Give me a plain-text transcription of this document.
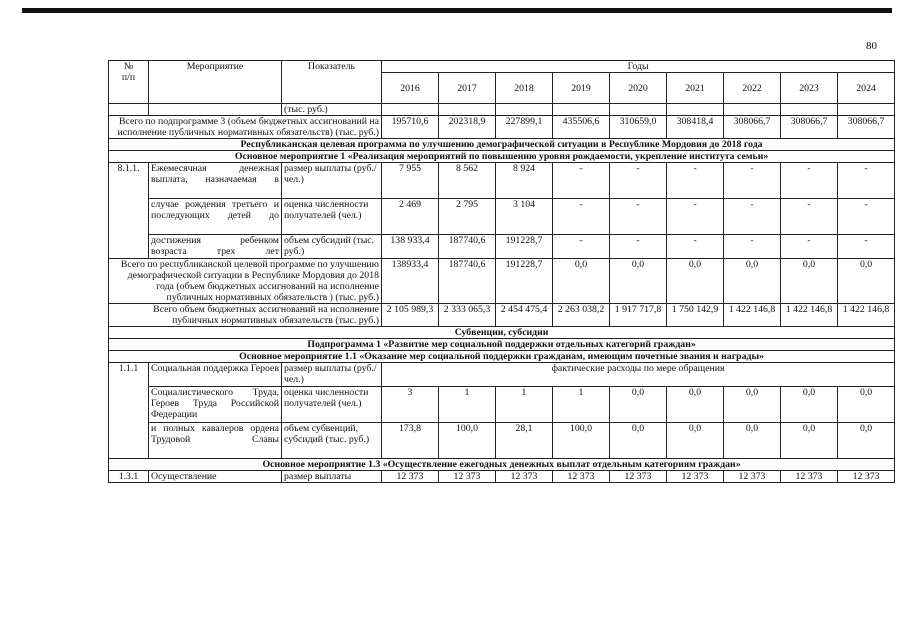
80
№
п/п	Мероприятие	Показатель	Годы								
			2016	2017	2018	2019	2020	2021	2022	2023	2024
		(тыс. руб.)									
Всего по подпрограмме 3 (объем бюджетных ассигнований на исполнение публичных нормативных обязательств) (тыс. руб.)			195710,6	202318,9	227899,1	435506,6	310659,0	308418,4	308066,7	308066,7	308066,7
Республиканская целевая программа по улучшению демографической ситуации в Республике Мордовия до 2018 года											
Основное мероприятие 1 «Реализация мероприятий по повышению уровня рождаемости, укрепление института семьи»											
8.1.1.	Ежемесячная денежная выплата, назначаемая в	размер выплаты (руб./ чел.)	7 955	8 562	8 924	-	-	-	-	-	-
	случае рождения третьего и последующих детей до	оценка численности получателей (чел.)	2 469	2 795	3 104	-	-	-	-	-	-
	достижения ребенком возраста трех лет	объем субсидий (тыс. руб.)	138 933,4	187740,6	191228,7	-	-	-	-	-	-
Всего по республиканской целевой программе по улучшению демографической ситуации в Республике Мордовия до 2018 года (объем бюджетных ассигнований на исполнение публичных нормативных обязательств ) (тыс. руб.)			138933,4	187740,6	191228,7	0,0	0,0	0,0	0,0	0,0	0,0
Всего объем бюджетных ассигнований на исполнение публичных нормативных обязательств (тыс. руб.)			2 105 989,3	2 333 065,3	2 454 475,4	2 263 038,2	1 917 717,8	1 750 142,9	1 422 146,8	1 422 146,8	1 422 146,8
Субвенции, субсидии											
Подпрограмма 1 «Развитие мер социальной поддержки отдельных категорий граждан»											
Основное мероприятие 1.1 «Оказание мер социальной поддержки гражданам, имеющим почетные звания и награды»											
1.1.1	Социальная поддержка Героев	размер выплаты (руб./ чел.)	фактические расходы по мере обращения								
	Социалистического Труда, Героев Труда Российской Федерации	оценка численности получателей (чел.)	3	1	1	1	0,0	0,0	0,0	0,0	0,0
	и полных кавалеров ордена Трудовой Славы	объем субвенций, субсидий (тыс. руб.)	173,8	100,0	28,1	100,0	0,0	0,0	0,0	0,0	0,0
Основное мероприятие 1.3 «Осуществление ежегодных денежных выплат отдельным категориям граждан»											
1.3.1	Осуществление	размер выплаты	12 373	12 373	12 373	12 373	12 373	12 373	12 373	12 373	12 373
